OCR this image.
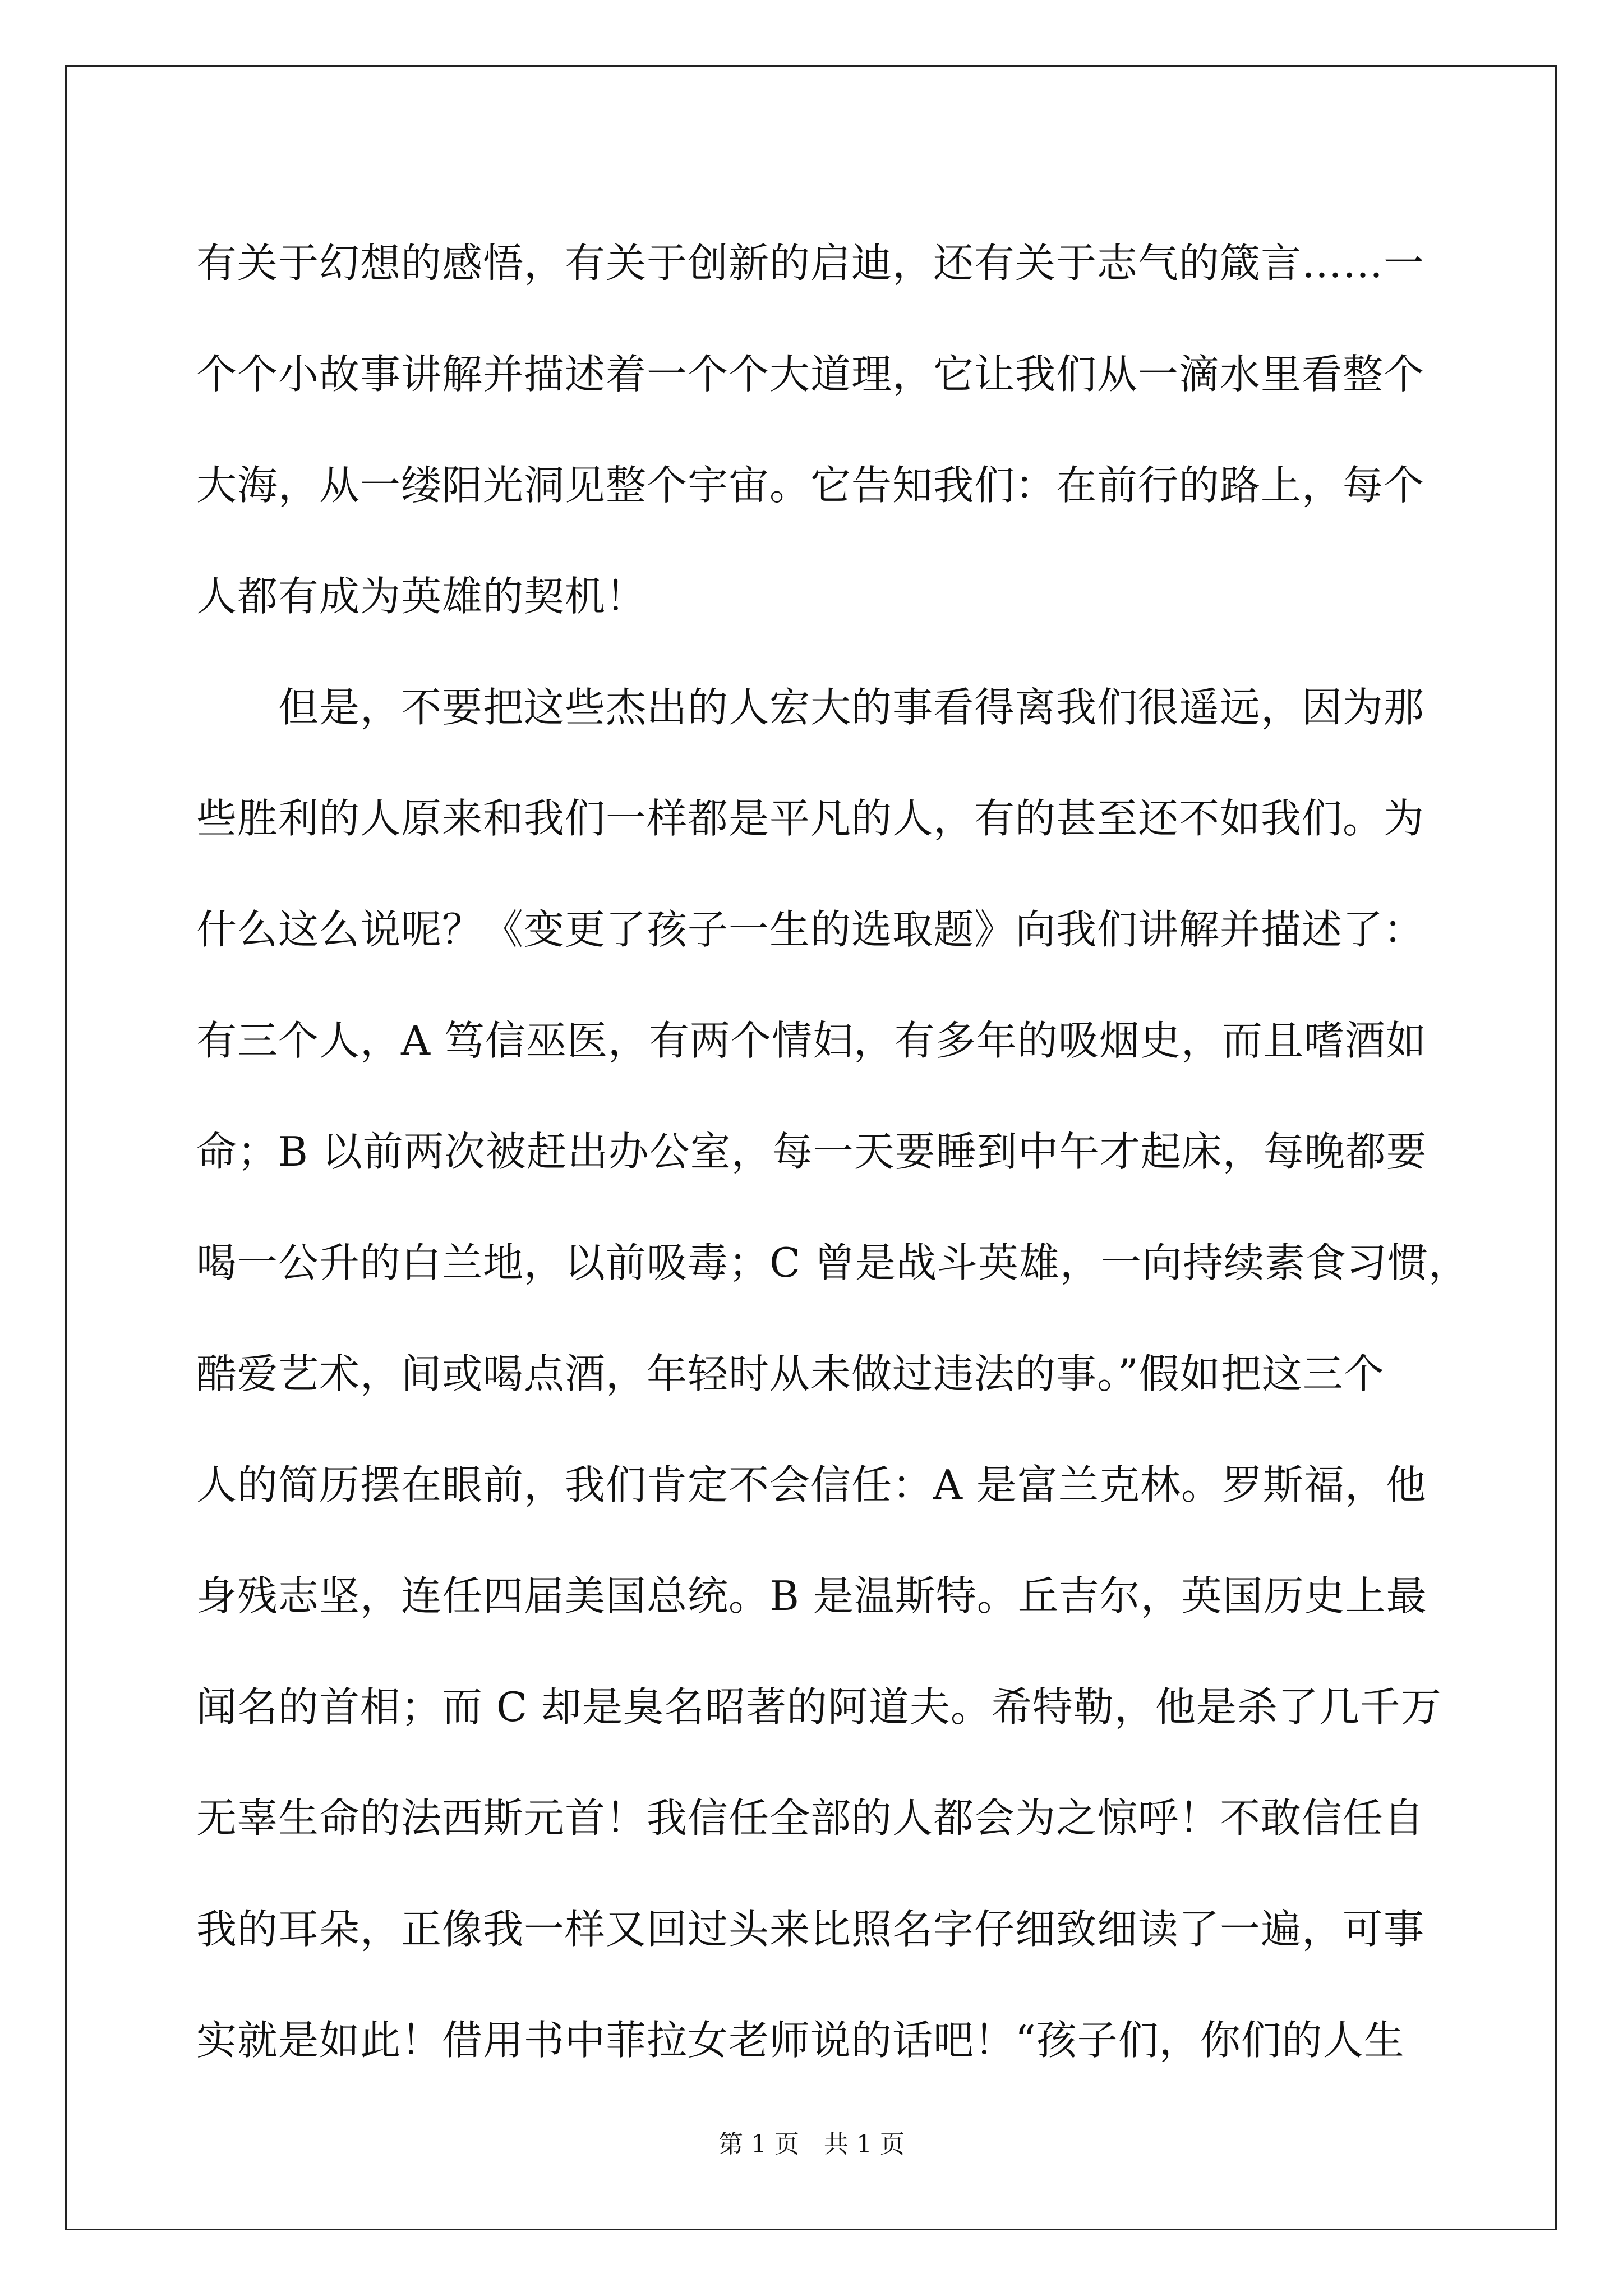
有关于幻想的感悟，有关于创新的启迪，还有关于志气的箴言……一
个个小故事讲解并描述着一个个大道理，它让我们从一滴水里看整个
大海，从一缕阳光洞见整个宇宙。它告知我们：在前行的路上，每个
人都有成为英雄的契机！
但是，不要把这些杰出的人宏大的事看得离我们很遥远，因为那
些胜利的人原来和我们一样都是平凡的人，有的甚至还不如我们。为
什么这么说呢？《变更了孩子一生的选取题》向我们讲解并描述了：
有三个人，A 笃信巫医，有两个情妇，有多年的吸烟史，而且嗜酒如
命；B 以前两次被赶出办公室，每一天要睡到中午才起床，每晚都要
喝一公升的白兰地，以前吸毒；C 曾是战斗英雄，一向持续素食习惯，
酷爱艺术，间或喝点酒，年轻时从未做过违法的事。”假如把这三个
人的简历摆在眼前，我们肯定不会信任：A 是富兰克林。罗斯福，他
身残志坚，连任四届美国总统。B 是温斯特。丘吉尔，英国历史上最
闻名的首相；而 C 却是臭名昭著的阿道夫。希特勒，他是杀了几千万
无辜生命的法西斯元首！我信任全部的人都会为之惊呼！不敢信任自
我的耳朵，正像我一样又回过头来比照名字仔细致细读了一遍，可事
实就是如此！借用书中菲拉女老师说的话吧！“孩子们，你们的人生
第 1 页　共 1 页
